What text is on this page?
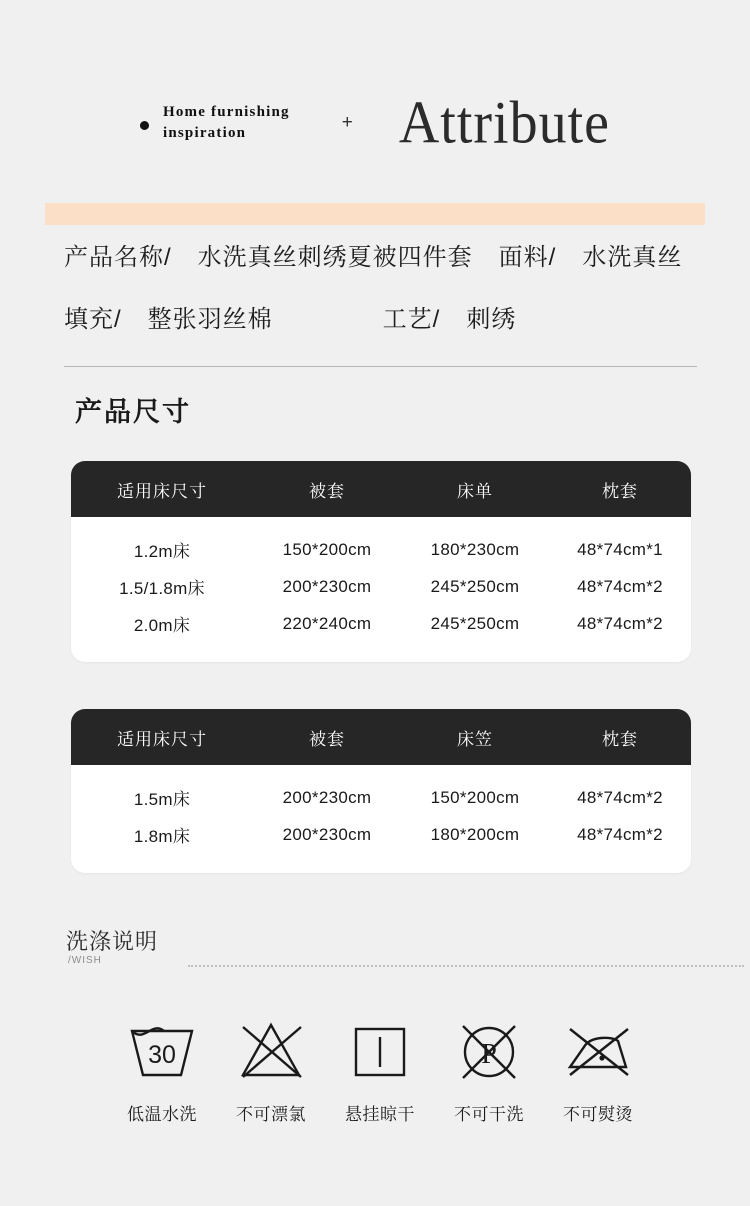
Home furnishing
inspiration	+ Attribute
产品名称/ 水洗真丝刺绣夏被四件套 面料/ 水洗真丝
填充/ 整张羽丝棉	工艺/ 刺绣
产品尺寸
适用床尺寸	被套	床单	枕套
1.2m床	150*200cm	180*230cm	48*74cm*1
1.5/1.8m床	200*230cm	245*250cm	48*74cm*2
2.0m床	220*240cm	245*250cm	48*74cm*2
适用床尺寸	被套	床笠	枕套
1.5m床	200*230cm	150*200cm	48*74cm*2
1.8m床	200*230cm	180*200cm	48*74cm*2
洗涤说明
/WISH
30
低温水洗 不可漂氯 悬挂晾干
P
不可干洗 不可熨烫
